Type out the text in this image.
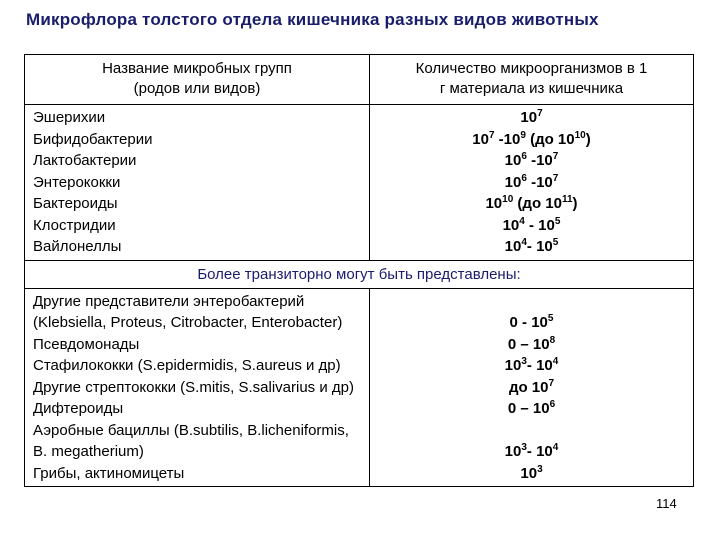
Микрофлора толстого отдела кишечника разных видов животных
Название микробных групп
(родов или видов)
Количество микроорганизмов в 1
г материала из кишечника
Эшерихии
Бифидобактерии
Лактобактерии
Энтерококки
Бактероиды
Клостридии
Вайлонеллы
$10^7$
$10^7$ $-10^9$ (до $10^{10}$)
$10^6$ $-10^7$
$10^6$ $-10^7$
$10^{10}$ (до $10^{11}$)
$10^4 - 10^5$
$10^4-$ $10^5$
Более транзиторно могут быть представлены:
Другие представители энтеробактерий
(Klebsiella, Proteus, Citrobacter, Enterobacter)
Псевдомонады
Стафилококки (S.epidermidis, S.aureus и др)
Другие стрептококки (S.mitis, S.salivarius и др)
Дифтероиды
Аэробные бациллы (B.subtilis, B.licheniformis,
B. megatherium)
Грибы, актиномицеты
$0 - 10^5$
$0 - 10^8$
$10^3-$ $10^4$
до $10^7$
$0 - 10^6$
$10^3-$ $10^4$
$10^3$
114
